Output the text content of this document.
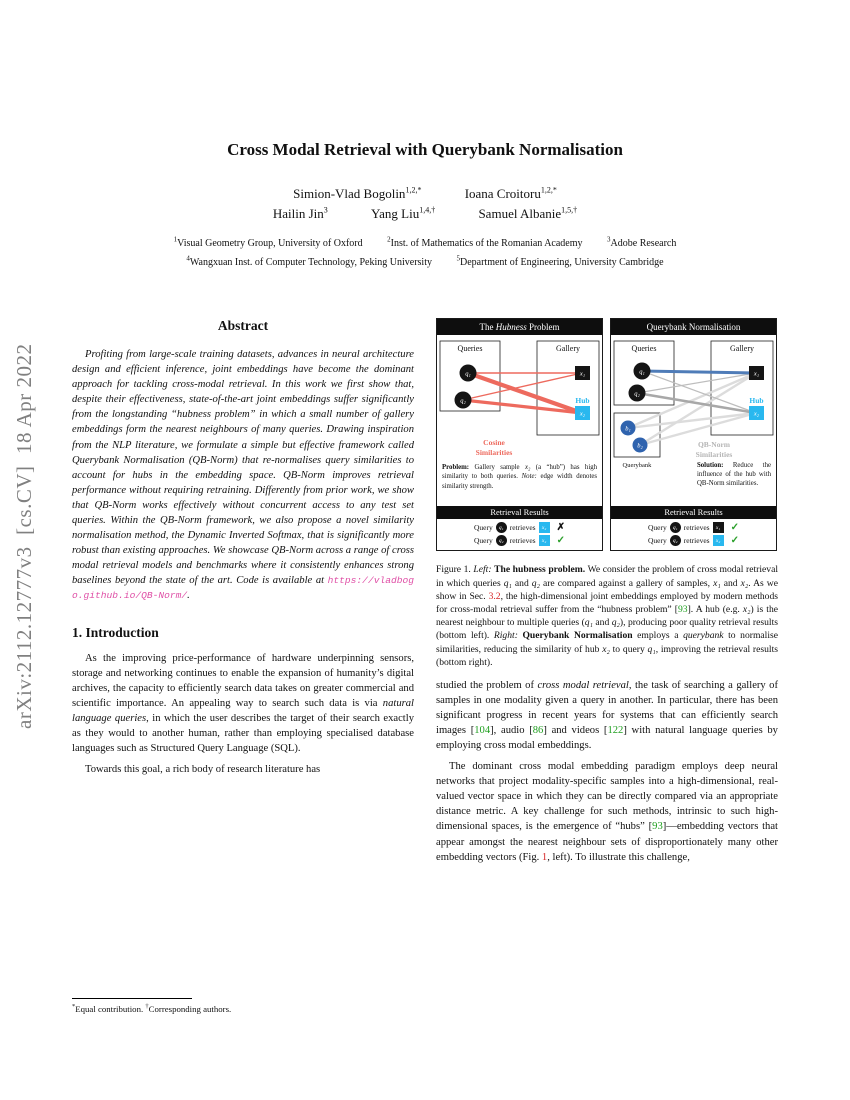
arXiv:2112.12777v3  [cs.CV]  18 Apr 2022
Cross Modal Retrieval with Querybank Normalisation
Simion-Vlad Bogolin$^{1,2,*}$	Ioana Croitoru$^{1,2,*}$
Hailin Jin$^3$	Yang Liu$^{1,4,\dagger}$	Samuel Albanie$^{1,5,\dagger}$
$^1$Visual Geometry Group, University of Oxford	$^2$Inst. of Mathematics of the Romanian Academy	$^3$Adobe Research
$^4$Wangxuan Inst. of Computer Technology, Peking University	$^5$Department of Engineering, University Cambridge
Abstract

Profiting from large-scale training datasets, advances in neural architecture design and efficient inference, joint embeddings have become the dominant approach for tackling cross-modal retrieval. In this work we first show that, despite their effectiveness, state-of-the-art joint embeddings suffer significantly from the longstanding “hubness problem” in which a small number of gallery embeddings form the nearest neighbours of many queries. Drawing inspiration from the NLP literature, we formulate a simple but effective framework called Querybank Normalisation (QB-Norm) that re-normalises query similarities to account for hubs in the embedding space. QB-Norm improves retrieval performance without requiring retraining. Differently from prior work, we show that QB-Norm works effectively without concurrent access to any test set queries. Within the QB-Norm framework, we also propose a novel similarity normalisation method, the Dynamic Inverted Softmax, that is significantly more robust than existing approaches. We showcase QB-Norm across a range of cross modal retrieval models and benchmarks where it consistently enhances strong baselines beyond the state of the art. Code is available at https://vladbogo.github.io/QB-Norm/.

1. Introduction

As the improving price-performance of hardware underpinning sensors, storage and networking continues to enable the expansion of humanity’s digital archives, the capacity to efficiently search data takes on greater commercial and scientific importance. An appealing way to search such data is via natural language queries, in which the user describes the target of their search exactly as they would to another human, rather than employing specialised database languages such as Structured Query Language (SQL).

Towards this goal, a rich body of research literature has

The Hubness Problem
Queries	Gallery
q₁
q₂
x₁
Hub
x₂
Cosine
Similarities
Problem: Gallery sample x₂ (a “hub”) has high similarity to both queries. Note: edge width denotes similarity strength.
Retrieval Results
Query q₁ retrieves x₂ ✗
Query q₂ retrieves x₂ ✓
Querybank Normalisation
Queries	Gallery
q₁
q₂
x₁
Hub
x₂
b₁
b₂
Querybank
QB-Norm
Similarities
Solution: Reduce the influence of the hub with QB-Norm similarities.
Retrieval Results
Query q₁ retrieves x₁ ✓
Query q₂ retrieves x₂ ✓

Figure 1. Left: The hubness problem. We consider the problem of cross modal retrieval in which queries q₁ and q₂ are compared against a gallery of samples, x₁ and x₂. As we show in Sec. 3.2, the high-dimensional joint embeddings employed by modern methods for cross-modal retrieval suffer from the “hubness problem” [93]. A hub (e.g. x₂) is the nearest neighbour to multiple queries (q₁ and q₂), producing poor quality retrieval results (bottom left). Right: Querybank Normalisation employs a querybank to normalise similarities, reducing the similarity of hub x₂ to query q₁, improving the retrieval results (bottom right).

studied the problem of cross modal retrieval, the task of searching a gallery of samples in one modality given a query in another. In particular, there has been significant progress in recent years for systems that can efficiently search images [104], audio [86] and videos [122] with natural language queries by employing cross modal embeddings.

The dominant cross modal embedding paradigm employs deep neural networks that project modality-specific samples into a high-dimensional, real-valued vector space in which they can be directly compared via an appropriate distance metric. A key challenge for such methods, intrinsic to such high-dimensional spaces, is the emergence of “hubs” [93]—embedding vectors that appear amongst the nearest neighbour sets of disproportionately many other embedding vectors (Fig. 1, left). To illustrate this challenge,

*Equal contribution. †Corresponding authors.
